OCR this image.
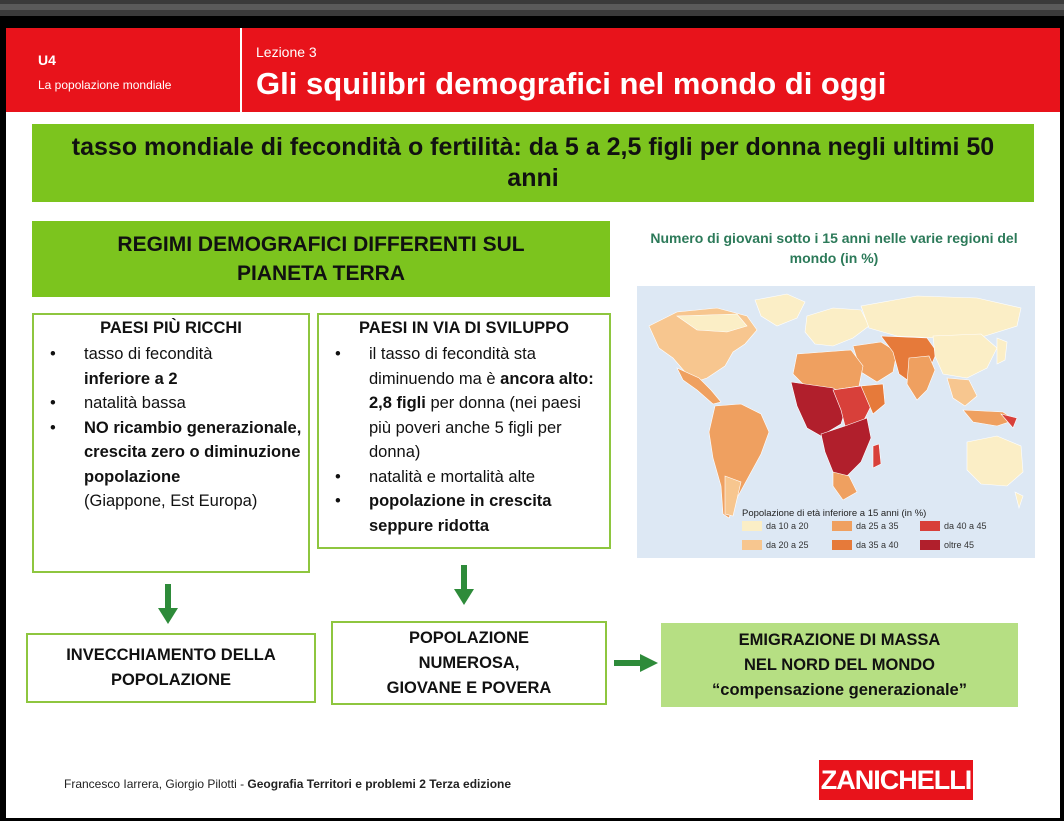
U4
La popolazione mondiale
Lezione 3
Gli squilibri demografici nel mondo di oggi
tasso mondiale di fecondità o fertilità: da 5 a 2,5 figli per donna negli ultimi 50 anni
REGIMI DEMOGRAFICI DIFFERENTI SUL PIANETA TERRA
PAESI PIÙ RICCHI
• tasso di fecondità
inferiore a 2
• natalità bassa
• NO ricambio generazionale, crescita zero o diminuzione popolazione
(Giappone, Est Europa)
PAESI IN VIA DI SVILUPPO
• il tasso di fecondità sta diminuendo ma è ancora alto: 2,8 figli per donna (nei paesi più poveri anche 5 figli per donna)
• natalità e mortalità alte
• popolazione in crescita seppure ridotta
INVECCHIAMENTO DELLA POPOLAZIONE
POPOLAZIONE
NUMEROSA,
GIOVANE E POVERA
EMIGRAZIONE DI MASSA
NEL NORD DEL MONDO
“compensazione generazionale”
Numero di giovani sotto i 15 anni nelle varie regioni del mondo (in %)
Popolazione di età inferiore a 15 anni (in %)
da 10 a 20
da 20 a 25
da 25 a 35
da 35 a 40
da 40 a 45
oltre 45
Francesco Iarrera, Giorgio Pilotti - Geografia Territori e problemi 2 Terza edizione	ZANICHELLI
